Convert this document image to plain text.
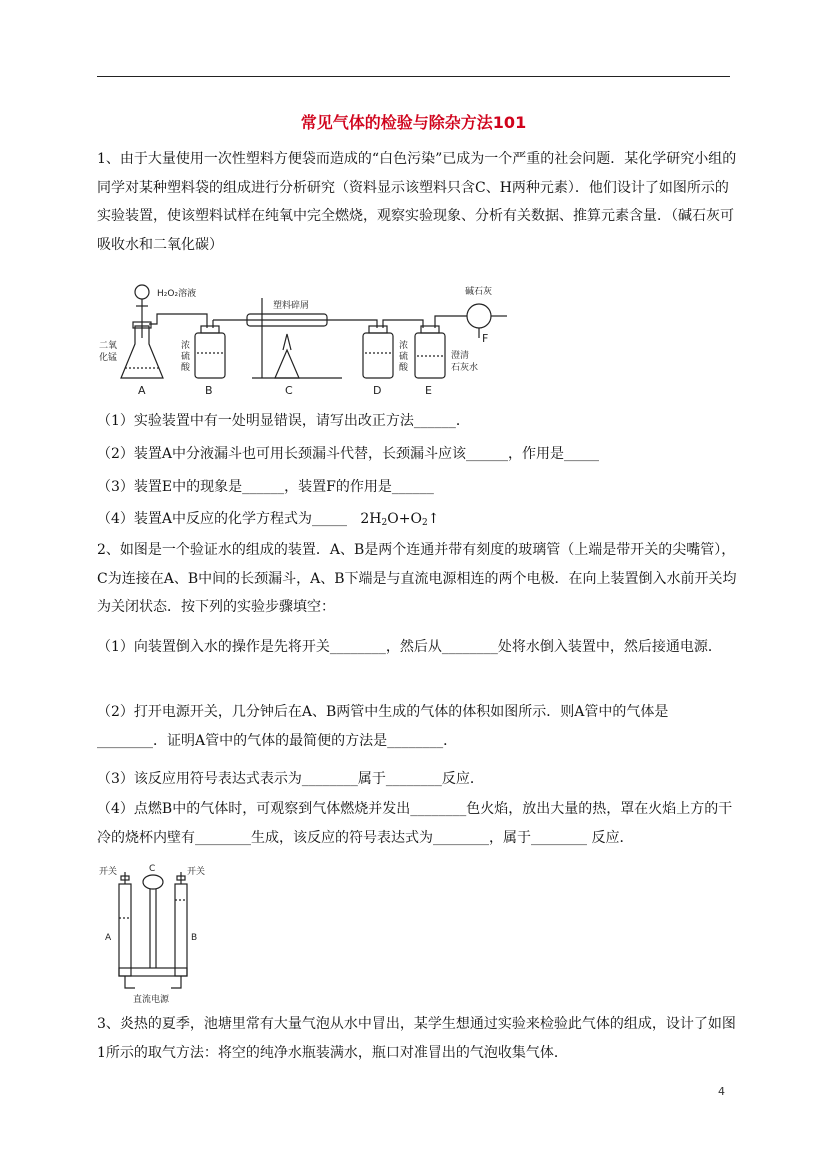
常见气体的检验与除杂方法101
1、由于大量使用一次性塑料方便袋而造成的“白色污染”已成为一个严重的社会问题．某化学研究小组的同学对某种塑料袋的组成进行分析研究（资料显示该塑料只含C、H两种元素）．他们设计了如图所示的实验装置，使该塑料试样在纯氧中完全燃烧，观察实验现象、分析有关数据、推算元素含量．（碱石灰可吸收水和二氧化碳）
H₂O₂溶液
塑料碎屑
碱石灰
二氧
化锰
浓
硫
酸
浓
硫
酸
澄清
石灰水
A	B	C	D	E
F
（1）实验装置中有一处明显错误，请写出改正方法______．
（2）装置A中分液漏斗也可用长颈漏斗代替，长颈漏斗应该______，作用是_____
（3）装置E中的现象是______，装置F的作用是______
（4）装置A中反应的化学方程式为_____ $2H_2O+O_2↑$
2、如图是一个验证水的组成的装置．A、B是两个连通并带有刻度的玻璃管（上端是带开关的尖嘴管），C为连接在A、B中间的长颈漏斗，A、B下端是与直流电源相连的两个电极．在向上装置倒入水前开关均为关闭状态．按下列的实验步骤填空：
（1）向装置倒入水的操作是先将开关________，然后从________处将水倒入装置中，然后接通电源．
（2）打开电源开关，几分钟后在A、B两管中生成的气体的体积如图所示．则A管中的气体是________．证明A管中的气体的最简便的方法是________．
（3）该反应用符号表达式表示为________属于________反应．
（4）点燃B中的气体时，可观察到气体燃烧并发出________色火焰，放出大量的热，罩在火焰上方的干冷的烧杯内壁有________生成，该反应的符号表达式为________，属于________ 反应．
开关	开关
C
A	B
直流电源
3、炎热的夏季，池塘里常有大量气泡从水中冒出，某学生想通过实验来检验此气体的组成，设计了如图1所示的取气方法：将空的纯净水瓶装满水，瓶口对准冒出的气泡收集气体．
4
